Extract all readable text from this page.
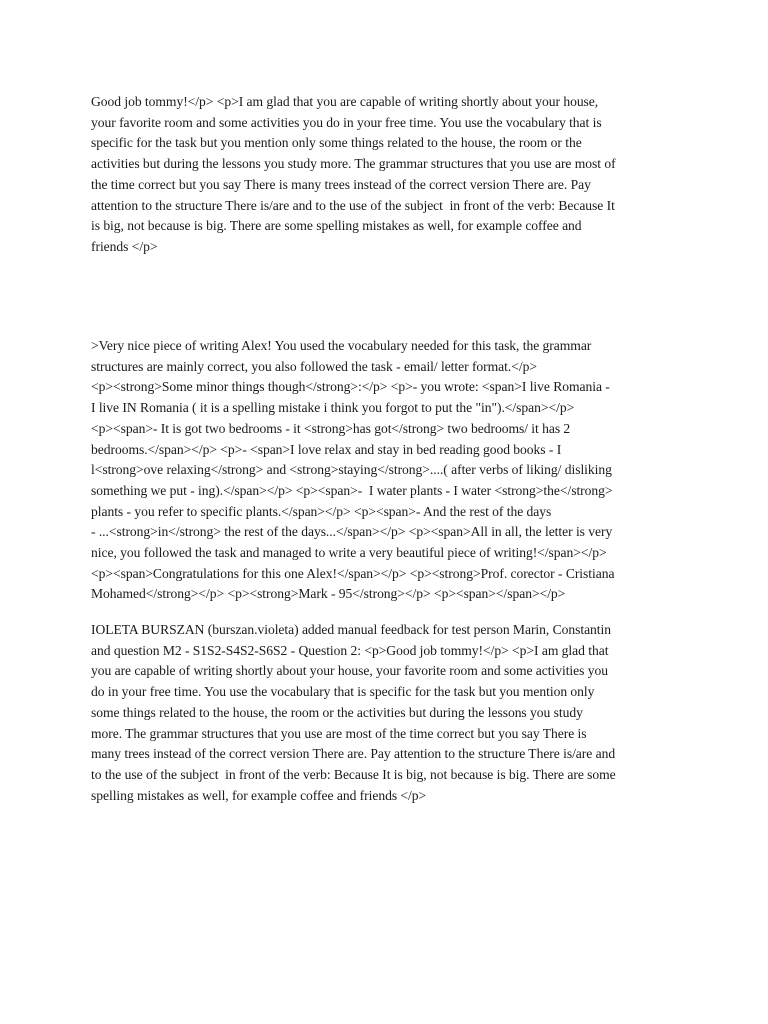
Good job tommy!</p> <p>I am glad that you are capable of writing shortly about your house,
your favorite room and some activities you do in your free time. You use the vocabulary that is
specific for the task but you mention only some things related to the house, the room or the
activities but during the lessons you study more. The grammar structures that you use are most of
the time correct but you say There is many trees instead of the correct version There are. Pay
attention to the structure There is/are and to the use of the subject  in front of the verb: Because It
is big, not because is big. There are some spelling mistakes as well, for example coffee and
friends </p>
>Very nice piece of writing Alex! You used the vocabulary needed for this task, the grammar
structures are mainly correct, you also followed the task - email/ letter format.</p>
<p><strong>Some minor things though</strong>:</p> <p>- you wrote: <span>I live Romania -
I live IN Romania ( it is a spelling mistake i think you forgot to put the "in").</span></p>
<p><span>- It is got two bedrooms - it <strong>has got</strong> two bedrooms/ it has 2
bedrooms.</span></p> <p>- <span>I love relax and stay in bed reading good books - I
l<strong>ove relaxing</strong> and <strong>staying</strong>....( after verbs of liking/ disliking
something we put - ing).</span></p> <p><span>-  I water plants - I water <strong>the</strong>
plants - you refer to specific plants.</span></p> <p><span>- And the rest of the days
- ...<strong>in</strong> the rest of the days...</span></p> <p><span>All in all, the letter is very
nice, you followed the task and managed to write a very beautiful piece of writing!</span></p>
<p><span>Congratulations for this one Alex!</span></p> <p><strong>Prof. corector - Cristiana
Mohamed</strong></p> <p><strong>Mark - 95</strong></p> <p><span></span></p>
IOLETA BURSZAN (burszan.violeta) added manual feedback for test person Marin, Constantin
and question M2 - S1S2-S4S2-S6S2 - Question 2: <p>Good job tommy!</p> <p>I am glad that
you are capable of writing shortly about your house, your favorite room and some activities you
do in your free time. You use the vocabulary that is specific for the task but you mention only
some things related to the house, the room or the activities but during the lessons you study
more. The grammar structures that you use are most of the time correct but you say There is
many trees instead of the correct version There are. Pay attention to the structure There is/are and
to the use of the subject  in front of the verb: Because It is big, not because is big. There are some
spelling mistakes as well, for example coffee and friends </p>
